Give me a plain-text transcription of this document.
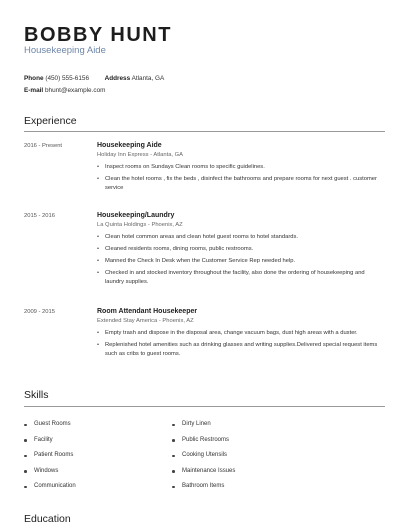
BOBBY HUNT
Housekeeping Aide
Phone (450) 555-6156 Address Atlanta, GA
E-mail bhunt@example.com
Experience
2016 - Present	Housekeeping Aide
Holiday Inn Express - Atlanta, GA
• Inspect rooms on Sundays Clean rooms to specific guidelines.
• Clean the hotel rooms , fix the beds , disinfect the bathrooms and prepare rooms for next guest . customer service
2015 - 2016	Housekeeping/Laundry
La Quinta Holdings - Phoenix, AZ
• Clean hotel common areas and clean hotel guest rooms to hotel standards.
• Cleaned residents rooms, dining rooms, public restrooms.
• Manned the Check In Desk when the Customer Service Rep needed help.
• Checked in and stocked inventory throughout the facility, also done the ordering of housekeeping and laundry supplies.
2009 - 2015	Room Attendant Housekeeper
Extended Stay America - Phoenix, AZ
• Empty trash and dispose in the disposal area, change vacuum bags, dust high areas with a duster.
• Replenished hotel amenities such as drinking glasses and writing supplies.Delivered special request items such as cribs to guest rooms.
Skills
Guest Rooms
Facility
Patient Rooms
Windows
Communication
Dirty Linen
Public Restrooms
Cooking Utensils
Maintenance Issues
Bathroom Items
Education
